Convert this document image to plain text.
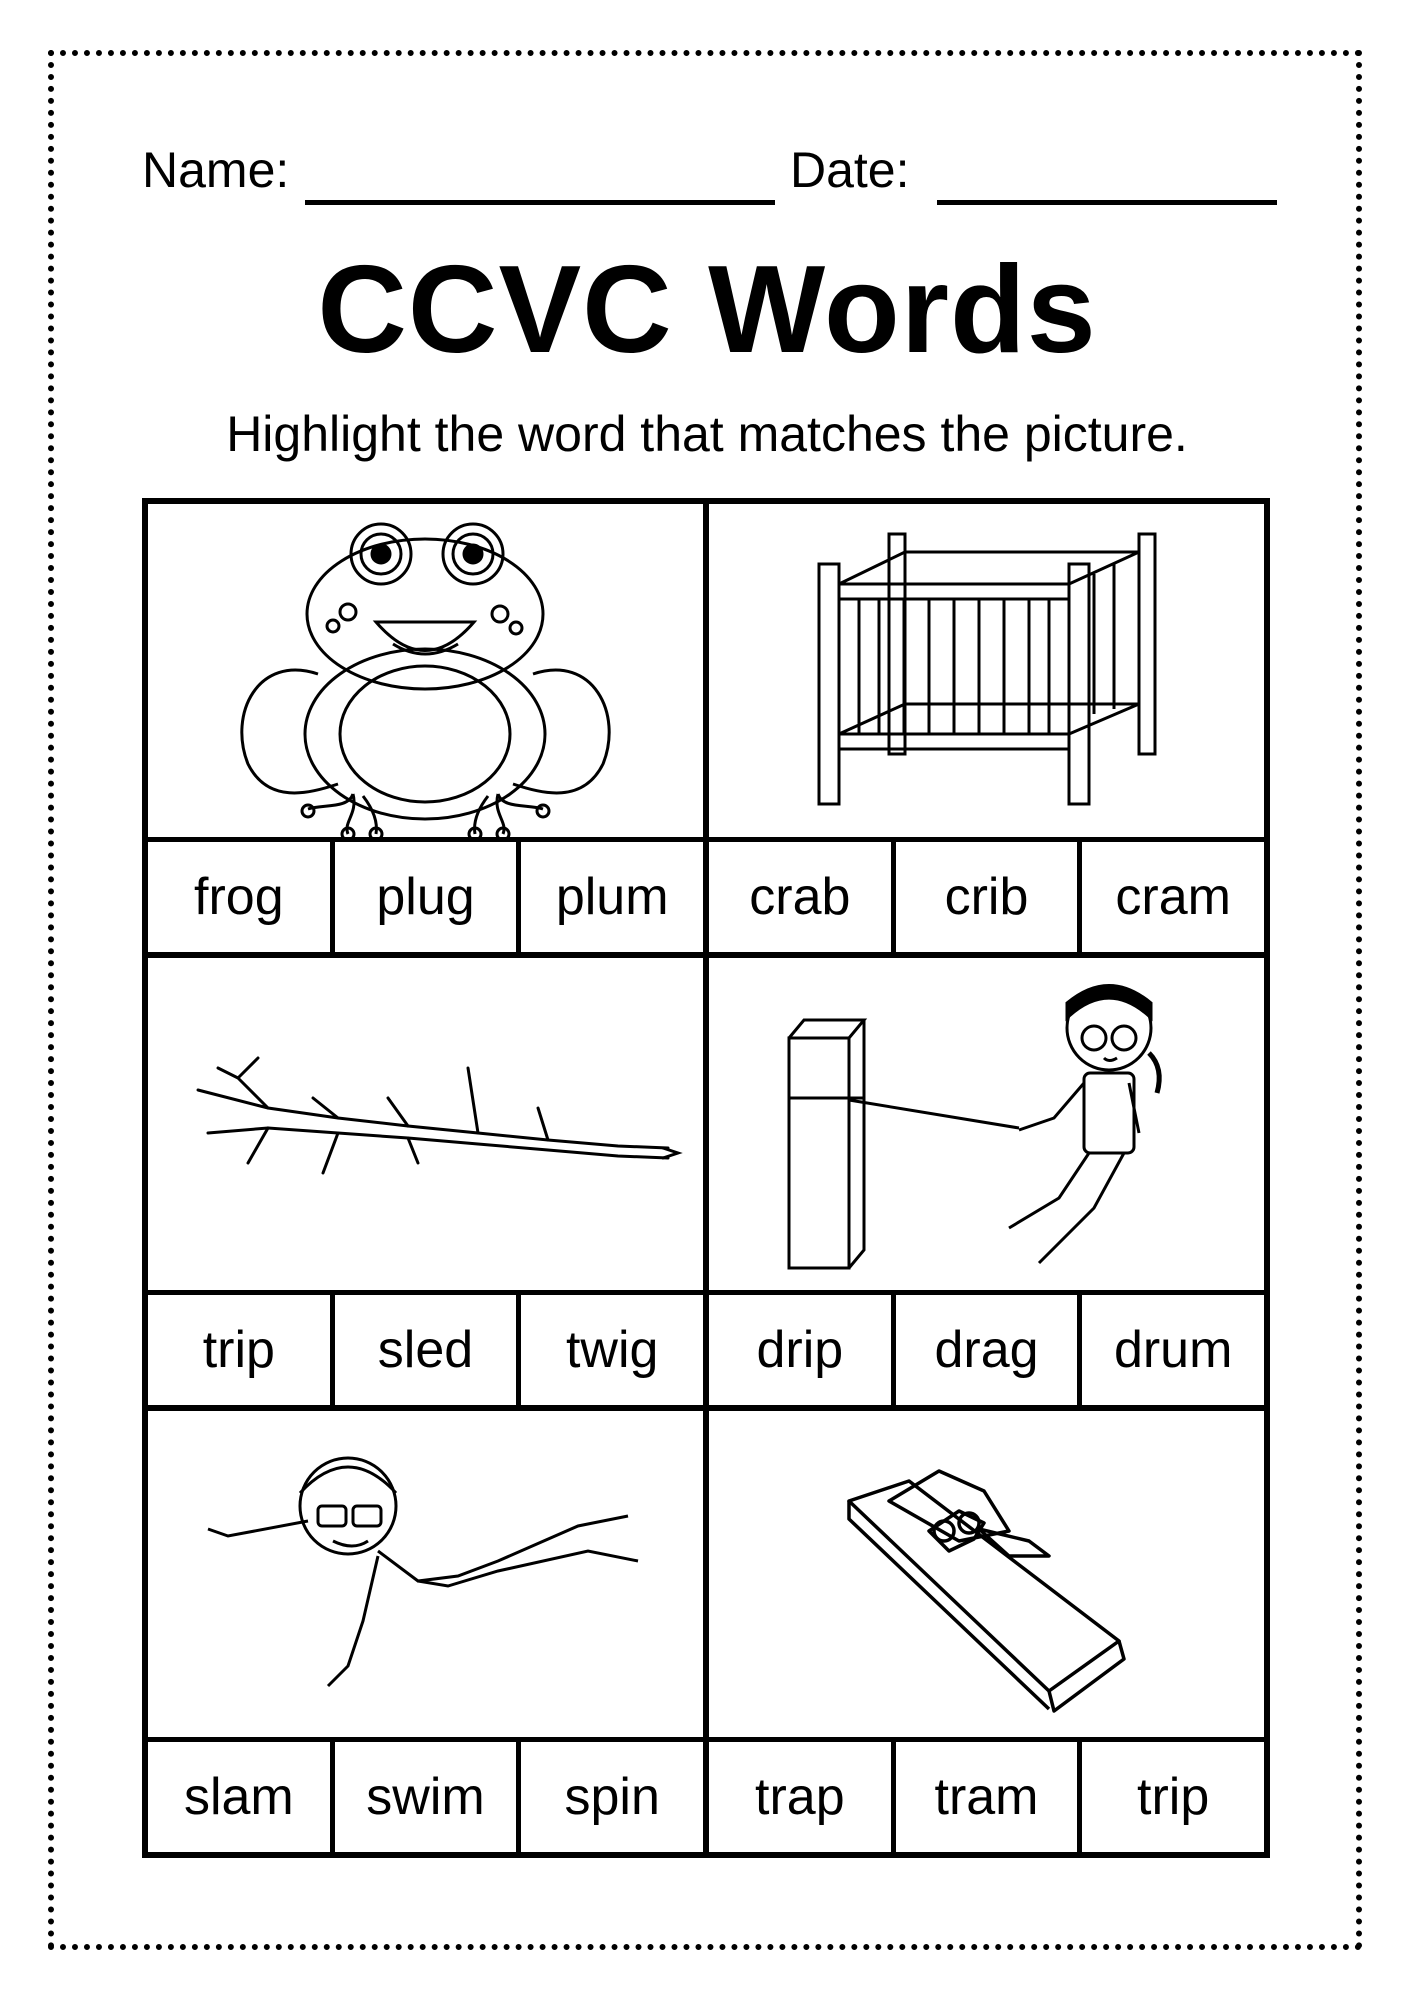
Name:	Date:
CCVC Words
Highlight the word that matches the picture.
frog	plug	plum	crab	crib	cram
trip	sled	twig	drip	drag	drum
slam	swim	spin	trap	tram	trip
